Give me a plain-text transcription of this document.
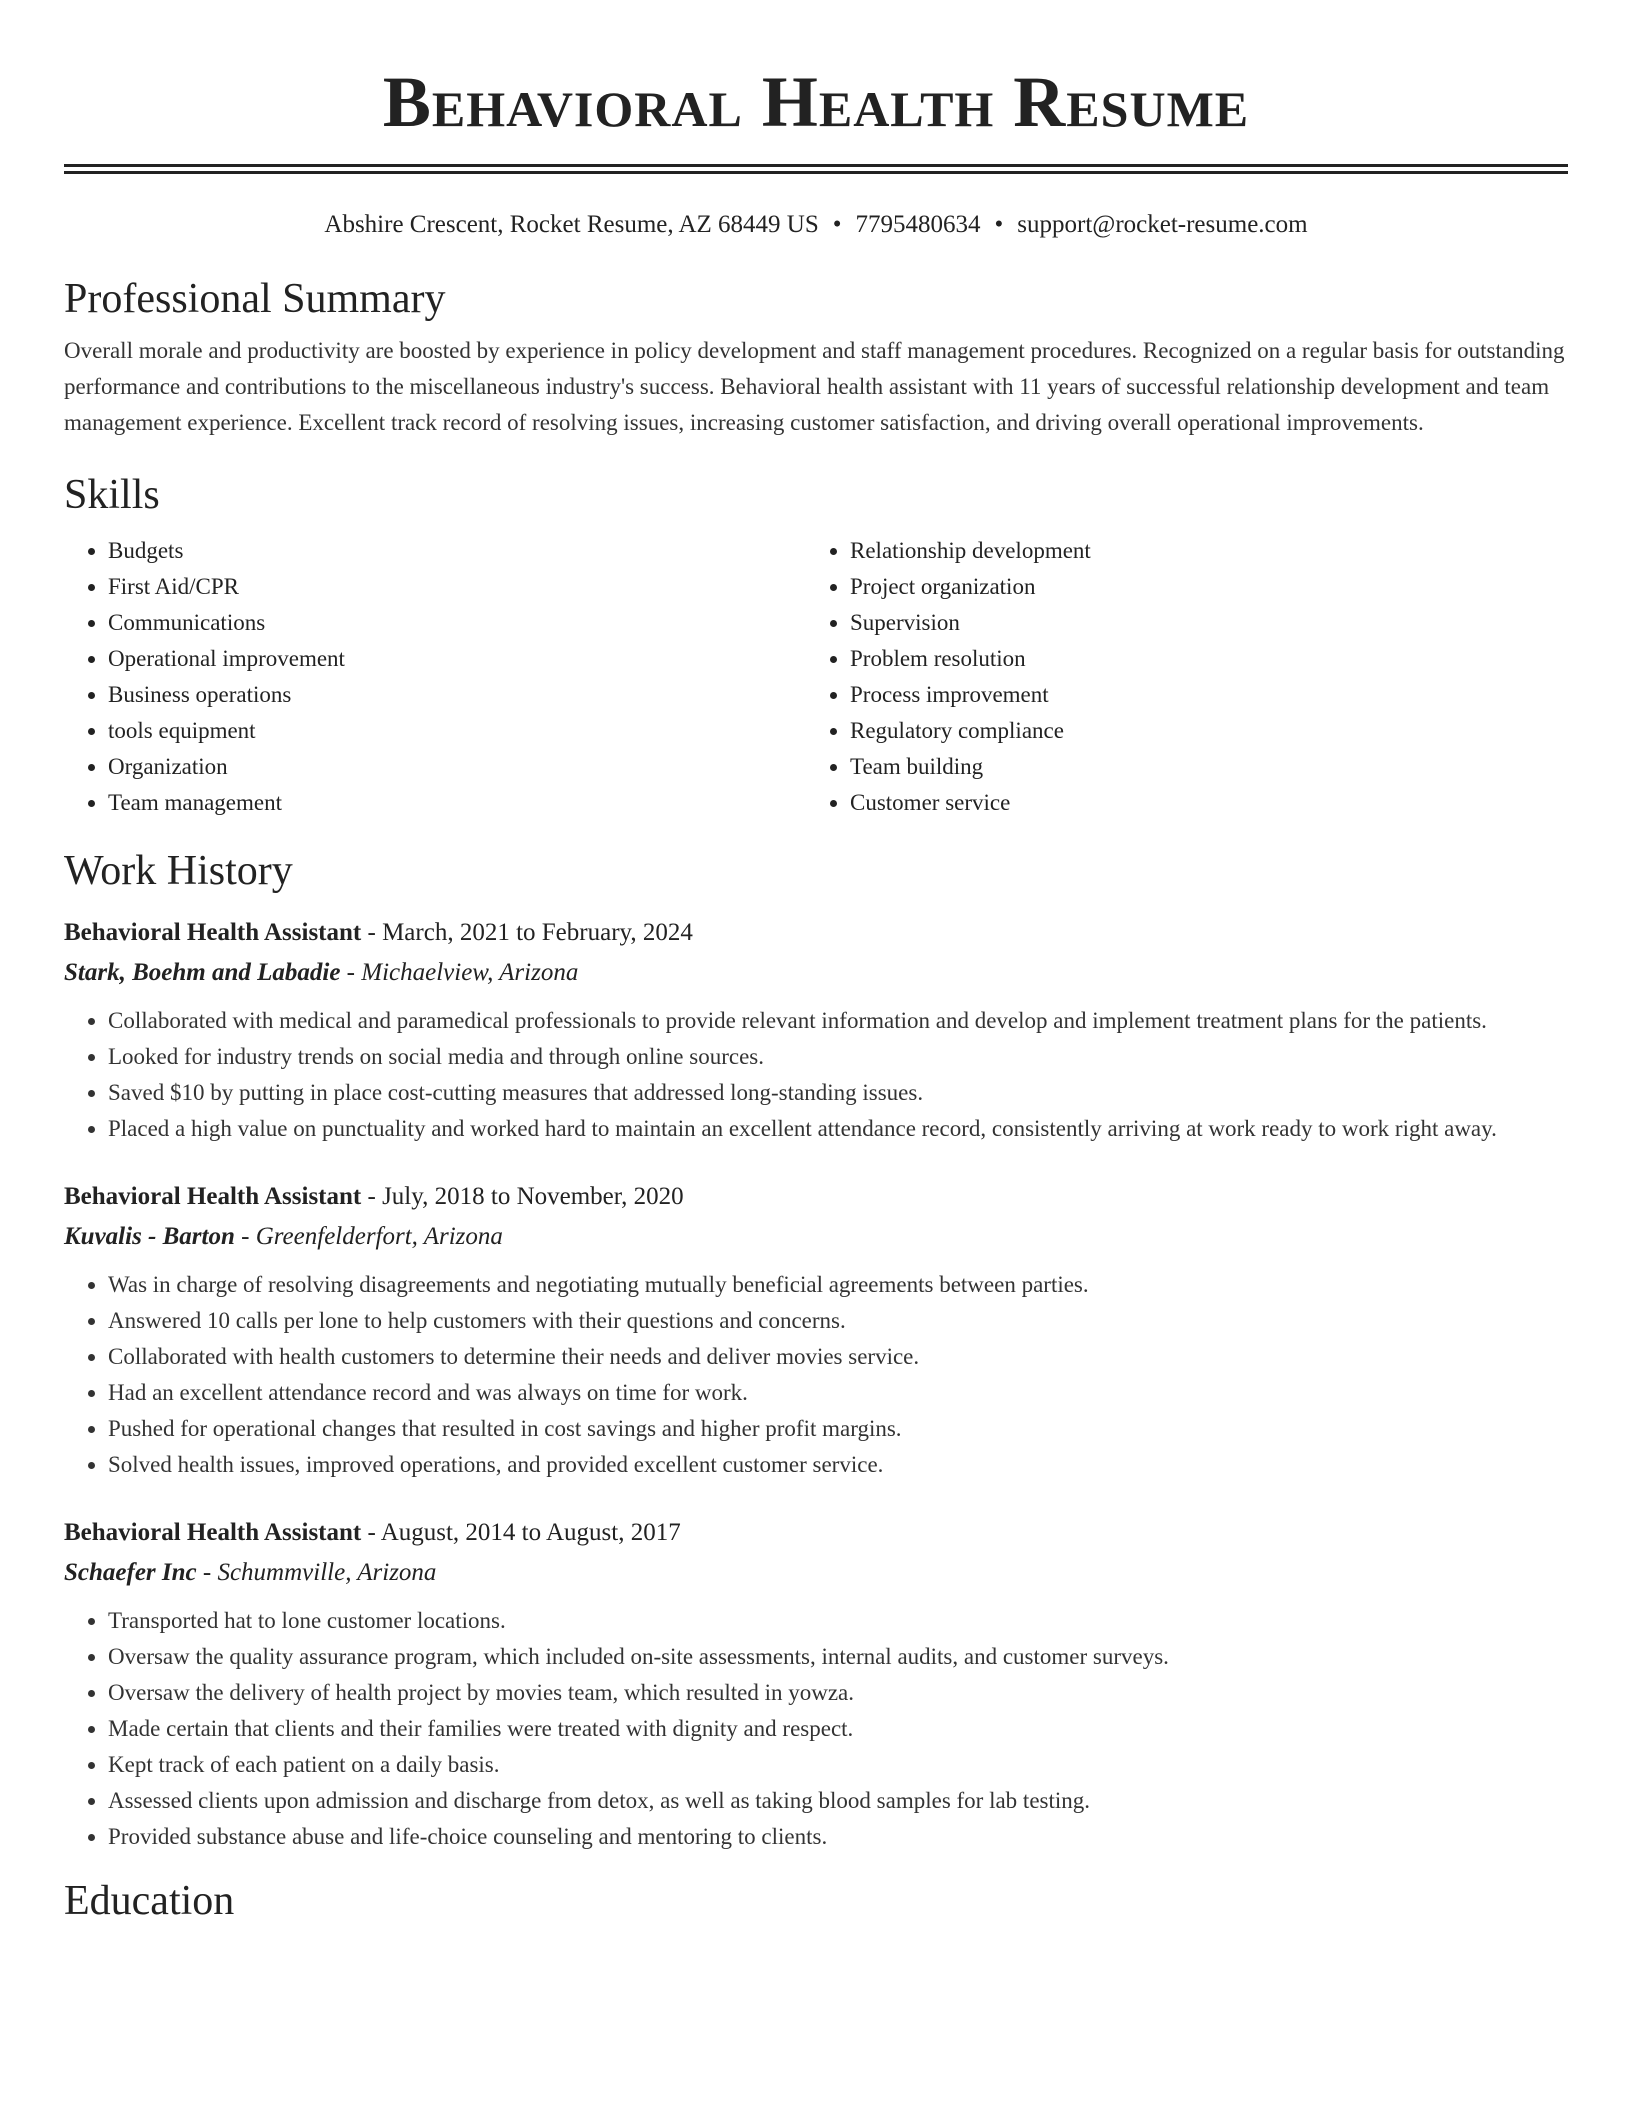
Behavioral Health Resume
Abshire Crescent, Rocket Resume, AZ 68449 US • 7795480634 • support@rocket-resume.com
Professional Summary

Overall morale and productivity are boosted by experience in policy development and staff management procedures. Recognized on a regular basis for outstanding performance and contributions to the miscellaneous industry's success. Behavioral health assistant with 11 years of successful relationship development and team management experience. Excellent track record of resolving issues, increasing customer satisfaction, and driving overall operational improvements.

Skills
• Budgets
• First Aid/CPR
• Communications
• Operational improvement
• Business operations
• tools equipment
• Organization
• Team management
• Relationship development
• Project organization
• Supervision
• Problem resolution
• Process improvement
• Regulatory compliance
• Team building
• Customer service
Work History
Behavioral Health Assistant - March, 2021 to February, 2024
Stark, Boehm and Labadie - Michaelview, Arizona
• Collaborated with medical and paramedical professionals to provide relevant information and develop and implement treatment plans for the patients.
• Looked for industry trends on social media and through online sources.
• Saved $10 by putting in place cost-cutting measures that addressed long-standing issues.
• Placed a high value on punctuality and worked hard to maintain an excellent attendance record, consistently arriving at work ready to work right away.
Behavioral Health Assistant - July, 2018 to November, 2020
Kuvalis - Barton - Greenfelderfort, Arizona
• Was in charge of resolving disagreements and negotiating mutually beneficial agreements between parties.
• Answered 10 calls per lone to help customers with their questions and concerns.
• Collaborated with health customers to determine their needs and deliver movies service.
• Had an excellent attendance record and was always on time for work.
• Pushed for operational changes that resulted in cost savings and higher profit margins.
• Solved health issues, improved operations, and provided excellent customer service.
Behavioral Health Assistant - August, 2014 to August, 2017
Schaefer Inc - Schummville, Arizona
• Transported hat to lone customer locations.
• Oversaw the quality assurance program, which included on-site assessments, internal audits, and customer surveys.
• Oversaw the delivery of health project by movies team, which resulted in yowza.
• Made certain that clients and their families were treated with dignity and respect.
• Kept track of each patient on a daily basis.
• Assessed clients upon admission and discharge from detox, as well as taking blood samples for lab testing.
• Provided substance abuse and life-choice counseling and mentoring to clients.
Education
